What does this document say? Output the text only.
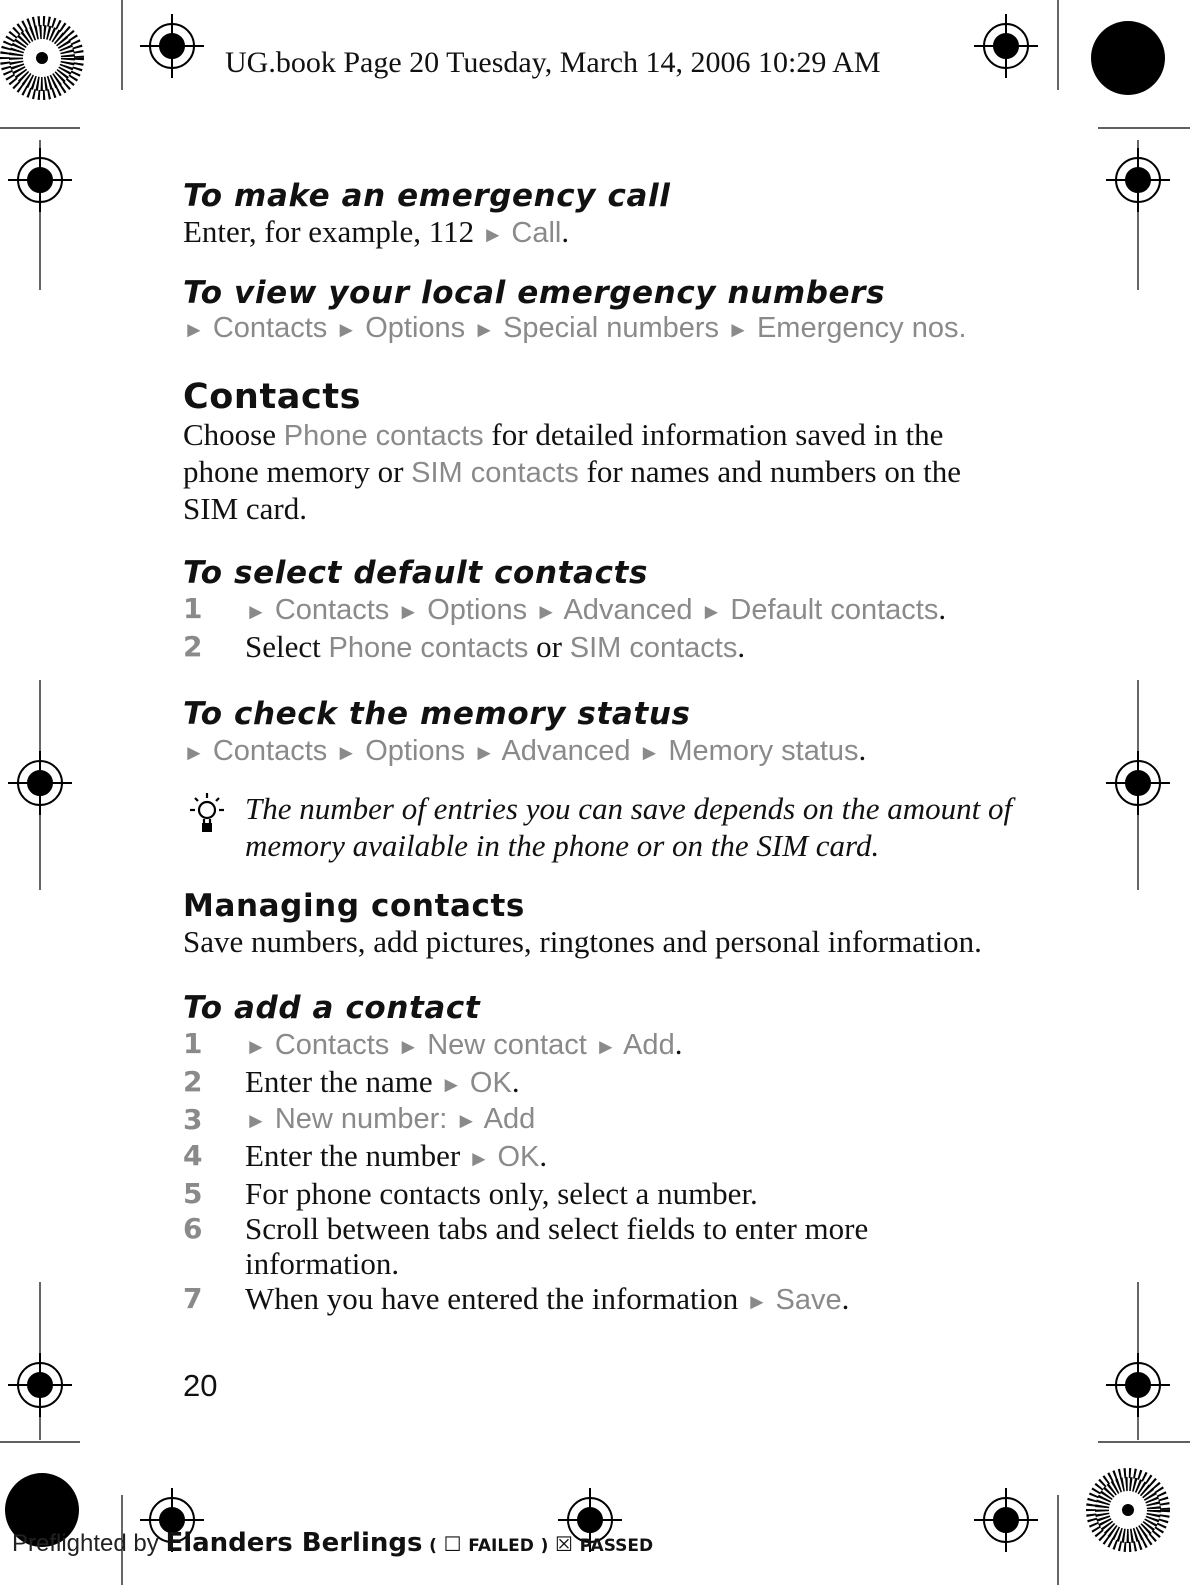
UG.book Page 20 Tuesday, March 14, 2006 10:29 AM
To make an emergency call

Enter, for example, 112 ► Call.

To view your local emergency numbers

► Contacts ► Options ► Special numbers ► Emergency nos.

Contacts

Choose Phone contacts for detailed information saved in the phone memory or SIM contacts for names and numbers on the SIM card.

To select default contacts
1	► Contacts ► Options ► Advanced ► Default contacts.
2	Select Phone contacts or SIM contacts.
To check the memory status

► Contacts ► Options ► Advanced ► Memory status.

The number of entries you can save depends on the amount of memory available in the phone or on the SIM card.
Managing contacts

Save numbers, add pictures, ringtones and personal information.

To add a contact
1	► Contacts ► New contact ► Add.
2	Enter the name ► OK.
3	► New number: ► Add
4	Enter the number ► OK.
5	For phone contacts only, select a number.
6	Scroll between tabs and select fields to enter more information.
7	When you have entered the information ► Save.
20
Preflighted by Elanders Berlings ( ☐ FAILED ) ☒ PASSED
